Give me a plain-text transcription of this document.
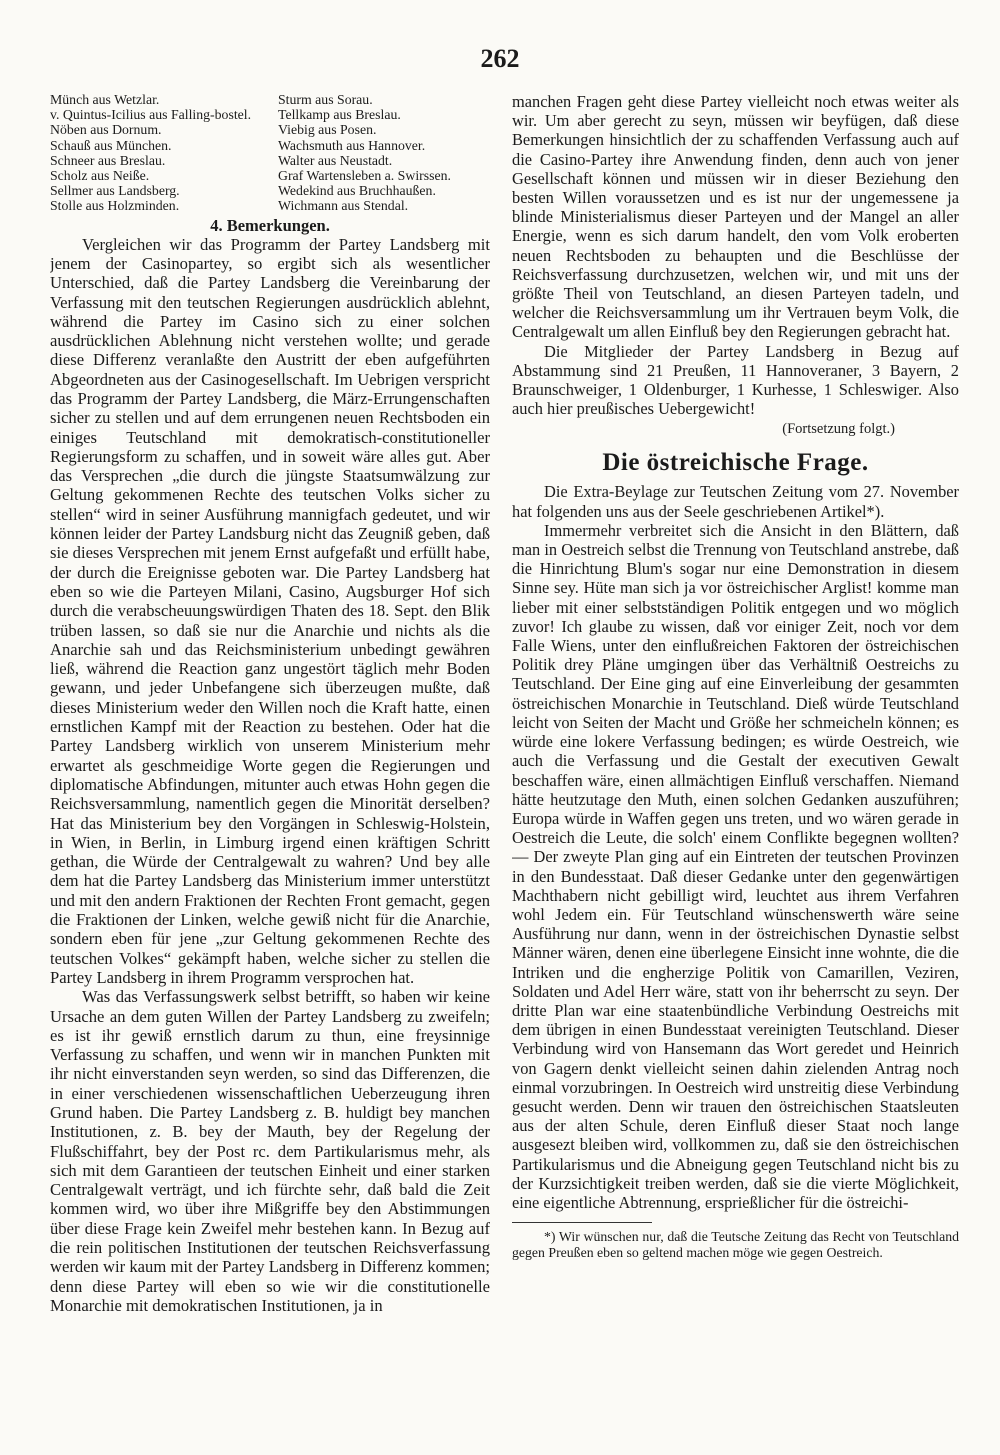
262
Münch aus Wetzlar.
v. Quintus-Icilius aus Falling-bostel.
Nöben aus Dornum.
Schauß aus München.
Schneer aus Breslau.
Scholz aus Neiße.
Sellmer aus Landsberg.
Stolle aus Holzminden.
Sturm aus Sorau.
Tellkamp aus Breslau.
Viebig aus Posen.
Wachsmuth aus Hannover.
Walter aus Neustadt.
Graf Wartensleben a. Swirssen.
Wedekind aus Bruchhaußen.
Wichmann aus Stendal.
4. Bemerkungen.

Vergleichen wir das Programm der Partey Landsberg mit jenem der Casinopartey, so ergibt sich als wesentlicher Unterschied, daß die Partey Landsberg die Vereinbarung der Verfassung mit den teutschen Regierungen ausdrücklich ablehnt, während die Partey im Casino sich zu einer solchen ausdrücklichen Ablehnung nicht verstehen wollte; und gerade diese Differenz veranlaßte den Austritt der eben aufgeführten Abgeordneten aus der Casinogesellschaft. Im Uebrigen verspricht das Programm der Partey Landsberg, die März-Errungenschaften sicher zu stellen und auf dem errungenen neuen Rechtsboden ein einiges Teutschland mit demokratisch-constitutioneller Regierungsform zu schaffen, und in soweit wäre alles gut. Aber das Versprechen „die durch die jüngste Staatsumwälzung zur Geltung gekommenen Rechte des teutschen Volks sicher zu stellen“ wird in seiner Ausführung mannigfach gedeutet, und wir können leider der Partey Landsburg nicht das Zeugniß geben, daß sie dieses Versprechen mit jenem Ernst aufgefaßt und erfüllt habe, der durch die Ereignisse geboten war. Die Partey Landsberg hat eben so wie die Parteyen Milani, Casino, Augsburger Hof sich durch die verabscheuungswürdigen Thaten des 18. Sept. den Blik trüben lassen, so daß sie nur die Anarchie und nichts als die Anarchie sah und das Reichsministerium unbedingt gewähren ließ, während die Reaction ganz ungestört täglich mehr Boden gewann, und jeder Unbefangene sich überzeugen mußte, daß dieses Ministerium weder den Willen noch die Kraft hatte, einen ernstlichen Kampf mit der Reaction zu bestehen. Oder hat die Partey Landsberg wirklich von unserem Ministerium mehr erwartet als geschmeidige Worte gegen die Regierungen und diplomatische Abfindungen, mitunter auch etwas Hohn gegen die Reichsversammlung, namentlich gegen die Minorität derselben? Hat das Ministerium bey den Vorgängen in Schleswig-Holstein, in Wien, in Berlin, in Limburg irgend einen kräftigen Schritt gethan, die Würde der Centralgewalt zu wahren? Und bey alle dem hat die Partey Landsberg das Ministerium immer unterstützt und mit den andern Fraktionen der Rechten Front gemacht, gegen die Fraktionen der Linken, welche gewiß nicht für die Anarchie, sondern eben für jene „zur Geltung gekommenen Rechte des teutschen Volkes“ gekämpft haben, welche sicher zu stellen die Partey Landsberg in ihrem Programm versprochen hat.

Was das Verfassungswerk selbst betrifft, so haben wir keine Ursache an dem guten Willen der Partey Landsberg zu zweifeln; es ist ihr gewiß ernstlich darum zu thun, eine freysinnige Verfassung zu schaffen, und wenn wir in manchen Punkten mit ihr nicht einverstanden seyn werden, so sind das Differenzen, die in einer verschiedenen wissenschaftlichen Ueberzeugung ihren Grund haben. Die Partey Landsberg z. B. huldigt bey manchen Institutionen, z. B. bey der Mauth, bey der Regelung der Flußschiffahrt, bey der Post rc. dem Partikularismus mehr, als sich mit dem Garantieen der teutschen Einheit und einer starken Centralgewalt verträgt, und ich fürchte sehr, daß bald die Zeit kommen wird, wo über ihre Mißgriffe bey den Abstimmungen über diese Frage kein Zweifel mehr bestehen kann. In Bezug auf die rein politischen Institutionen der teutschen Reichsverfassung werden wir kaum mit der Partey Landsberg in Differenz kommen; denn diese Partey will eben so wie wir die constitutionelle Monarchie mit demokratischen Institutionen, ja in

manchen Fragen geht diese Partey vielleicht noch etwas weiter als wir. Um aber gerecht zu seyn, müssen wir beyfügen, daß diese Bemerkungen hinsichtlich der zu schaffenden Verfassung auch auf die Casino-Partey ihre Anwendung finden, denn auch von jener Gesellschaft können und müssen wir in dieser Beziehung den besten Willen voraussetzen und es ist nur der ungemessene ja blinde Ministerialismus dieser Parteyen und der Mangel an aller Energie, wenn es sich darum handelt, den vom Volk eroberten neuen Rechtsboden zu behaupten und die Beschlüsse der Reichsverfassung durchzusetzen, welchen wir, und mit uns der größte Theil von Teutschland, an diesen Parteyen tadeln, und welcher die Reichsversammlung um ihr Vertrauen beym Volk, die Centralgewalt um allen Einfluß bey den Regierungen gebracht hat.

Die Mitglieder der Partey Landsberg in Bezug auf Abstammung sind 21 Preußen, 11 Hannoveraner, 3 Bayern, 2 Braunschweiger, 1 Oldenburger, 1 Kurhesse, 1 Schleswiger. Also auch hier preußisches Uebergewicht!

(Fortsetzung folgt.)
Die östreichische Frage.

Die Extra-Beylage zur Teutschen Zeitung vom 27. November hat folgenden uns aus der Seele geschriebenen Artikel*).

Immermehr verbreitet sich die Ansicht in den Blättern, daß man in Oestreich selbst die Trennung von Teutschland anstrebe, daß die Hinrichtung Blum's sogar nur eine Demonstration in diesem Sinne sey. Hüte man sich ja vor östreichischer Arglist! komme man lieber mit einer selbstständigen Politik entgegen und wo möglich zuvor! Ich glaube zu wissen, daß vor einiger Zeit, noch vor dem Falle Wiens, unter den einflußreichen Faktoren der östreichischen Politik drey Pläne umgingen über das Verhältniß Oestreichs zu Teutschland. Der Eine ging auf eine Einverleibung der gesammten östreichischen Monarchie in Teutschland. Dieß würde Teutschland leicht von Seiten der Macht und Größe her schmeicheln können; es würde eine lokere Verfassung bedingen; es würde Oestreich, wie auch die Verfassung und die Gestalt der executiven Gewalt beschaffen wäre, einen allmächtigen Einfluß verschaffen. Niemand hätte heutzutage den Muth, einen solchen Gedanken auszuführen; Europa würde in Waffen gegen uns treten, und wo wären gerade in Oestreich die Leute, die solch' einem Conflikte begegnen wollten? — Der zweyte Plan ging auf ein Eintreten der teutschen Provinzen in den Bundesstaat. Daß dieser Gedanke unter den gegenwärtigen Machthabern nicht gebilligt wird, leuchtet aus ihrem Verfahren wohl Jedem ein. Für Teutschland wünschenswerth wäre seine Ausführung nur dann, wenn in der östreichischen Dynastie selbst Männer wären, denen eine überlegene Einsicht inne wohnte, die die Intriken und die engherzige Politik von Camarillen, Veziren, Soldaten und Adel Herr wäre, statt von ihr beherrscht zu seyn. Der dritte Plan war eine staatenbündliche Verbindung Oestreichs mit dem übrigen in einen Bundesstaat vereinigten Teutschland. Dieser Verbindung wird von Hansemann das Wort geredet und Heinrich von Gagern denkt vielleicht seinen dahin zielenden Antrag noch einmal vorzubringen. In Oestreich wird unstreitig diese Verbindung gesucht werden. Denn wir trauen den östreichischen Staatsleuten aus der alten Schule, deren Einfluß dieser Staat noch lange ausgesezt bleiben wird, vollkommen zu, daß sie den östreichischen Partikularismus und die Abneigung gegen Teutschland nicht bis zu der Kurzsichtigkeit treiben werden, daß sie die vierte Möglichkeit, eine eigentliche Abtrennung, ersprießlicher für die östreichi-

*) Wir wünschen nur, daß die Teutsche Zeitung das Recht von Teutschland gegen Preußen eben so geltend machen möge wie gegen Oestreich.
